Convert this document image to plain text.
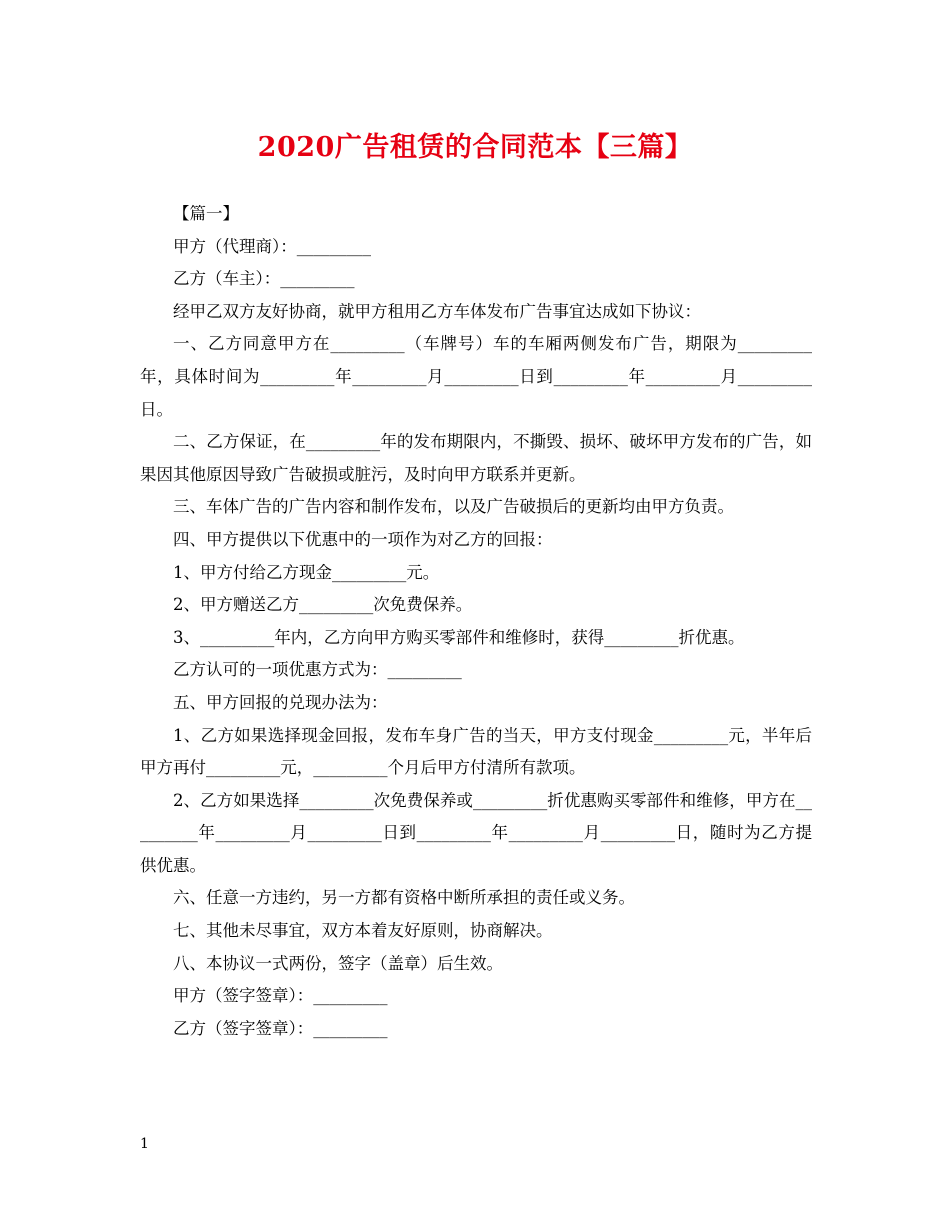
2020广告租赁的合同范本【三篇】

【篇一】

甲方（代理商）：_________

乙方（车主）：_________

经甲乙双方友好协商，就甲方租用乙方车体发布广告事宜达成如下协议：

一、乙方同意甲方在_________（车牌号）车的车厢两侧发布广告，期限为_________年，具体时间为_________年_________月_________日到_________年_________月_________日。

二、乙方保证，在_________年的发布期限内，不撕毁、损坏、破坏甲方发布的广告，如果因其他原因导致广告破损或脏污，及时向甲方联系并更新。

三、车体广告的广告内容和制作发布，以及广告破损后的更新均由甲方负责。

四、甲方提供以下优惠中的一项作为对乙方的回报：

1、甲方付给乙方现金_________元。

2、甲方赠送乙方_________次免费保养。

3、_________年内，乙方向甲方购买零部件和维修时，获得_________折优惠。

乙方认可的一项优惠方式为：_________

五、甲方回报的兑现办法为：

1、乙方如果选择现金回报，发布车身广告的当天，甲方支付现金_________元，半年后甲方再付_________元，_________个月后甲方付清所有款项。

2、乙方如果选择_________次免费保养或_________折优惠购买零部件和维修，甲方在_________年_________月_________日到_________年_________月_________日，随时为乙方提供优惠。

六、任意一方违约，另一方都有资格中断所承担的责任或义务。

七、其他未尽事宜，双方本着友好原则，协商解决。

八、本协议一式两份，签字（盖章）后生效。

甲方（签字签章）：_________

乙方（签字签章）：_________

1
